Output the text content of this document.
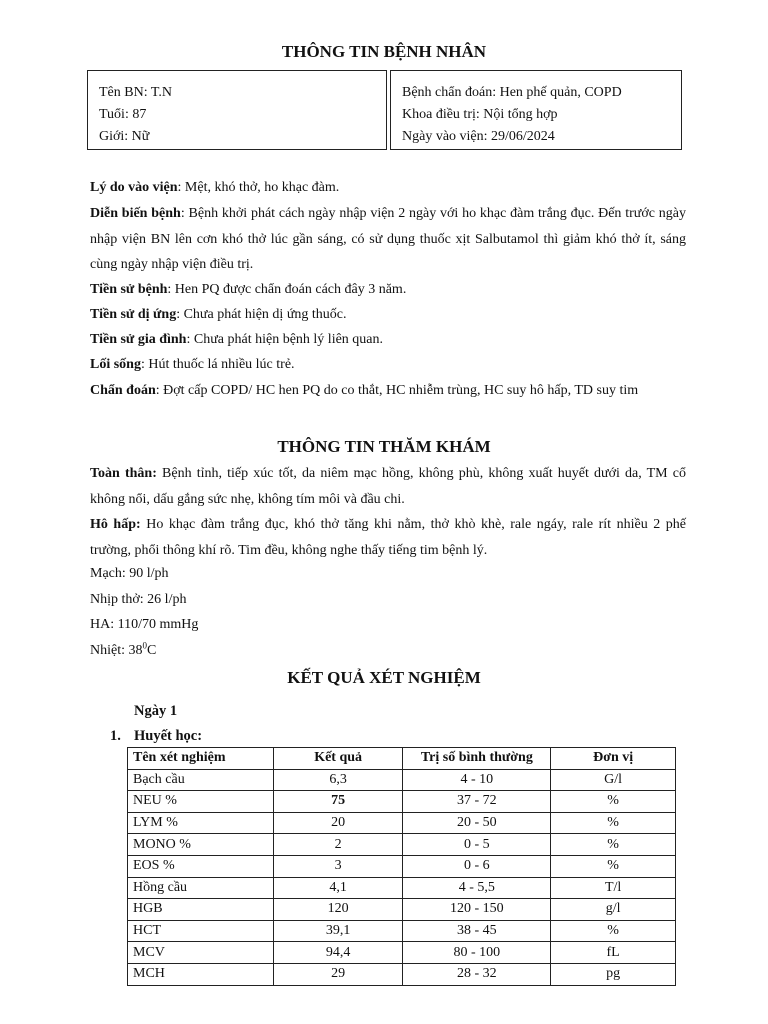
THÔNG TIN BỆNH NHÂN
Tên BN: T.N
Tuổi: 87
Giới: Nữ
Bệnh chẩn đoán: Hen phế quản, COPD
Khoa điều trị: Nội tổng hợp
Ngày vào viện: 29/06/2024
Lý do vào viện: Mệt, khó thở, ho khạc đàm.
Diễn biến bệnh: Bệnh khởi phát cách ngày nhập viện 2 ngày với ho khạc đàm trắng đục. Đến trước ngày nhập viện BN lên cơn khó thở lúc gần sáng, có sử dụng thuốc xịt Salbutamol thì giảm khó thở ít, sáng cùng ngày nhập viện điều trị.
Tiền sử bệnh: Hen PQ được chẩn đoán cách đây 3 năm.
Tiền sử dị ứng: Chưa phát hiện dị ứng thuốc.
Tiền sử gia đình: Chưa phát hiện bệnh lý liên quan.
Lối sống: Hút thuốc lá nhiều lúc trẻ.
Chẩn đoán: Đợt cấp COPD/ HC hen PQ do co thắt, HC nhiễm trùng, HC suy hô hấp, TD suy tim
THÔNG TIN THĂM KHÁM
Toàn thân: Bệnh tỉnh, tiếp xúc tốt, da niêm mạc hồng, không phù, không xuất huyết dưới da, TM cổ không nổi, dấu gắng sức nhẹ, không tím môi và đầu chi.
Hô hấp: Ho khạc đàm trắng đục, khó thở tăng khi nằm, thở khò khè, rale ngáy, rale rít nhiều 2 phế trường, phổi thông khí rõ. Tim đều, không nghe thấy tiếng tim bệnh lý.
Mạch: 90 l/ph
Nhịp thở: 26 l/ph
HA: 110/70 mmHg
Nhiệt: $38^0C$
KẾT QUẢ XÉT NGHIỆM
Ngày 1
1. Huyết học:
Tên xét nghiệm	Kết quả	Trị số bình thường	Đơn vị
Bạch cầu	6,3	4 - 10	G/l
NEU %	75	37 - 72	%
LYM %	20	20 - 50	%
MONO %	2	0 - 5	%
EOS %	3	0 - 6	%
Hồng cầu	4,1	4 - 5,5	T/l
HGB	120	120 - 150	g/l
HCT	39,1	38 - 45	%
MCV	94,4	80 - 100	fL
MCH	29	28 - 32	pg
